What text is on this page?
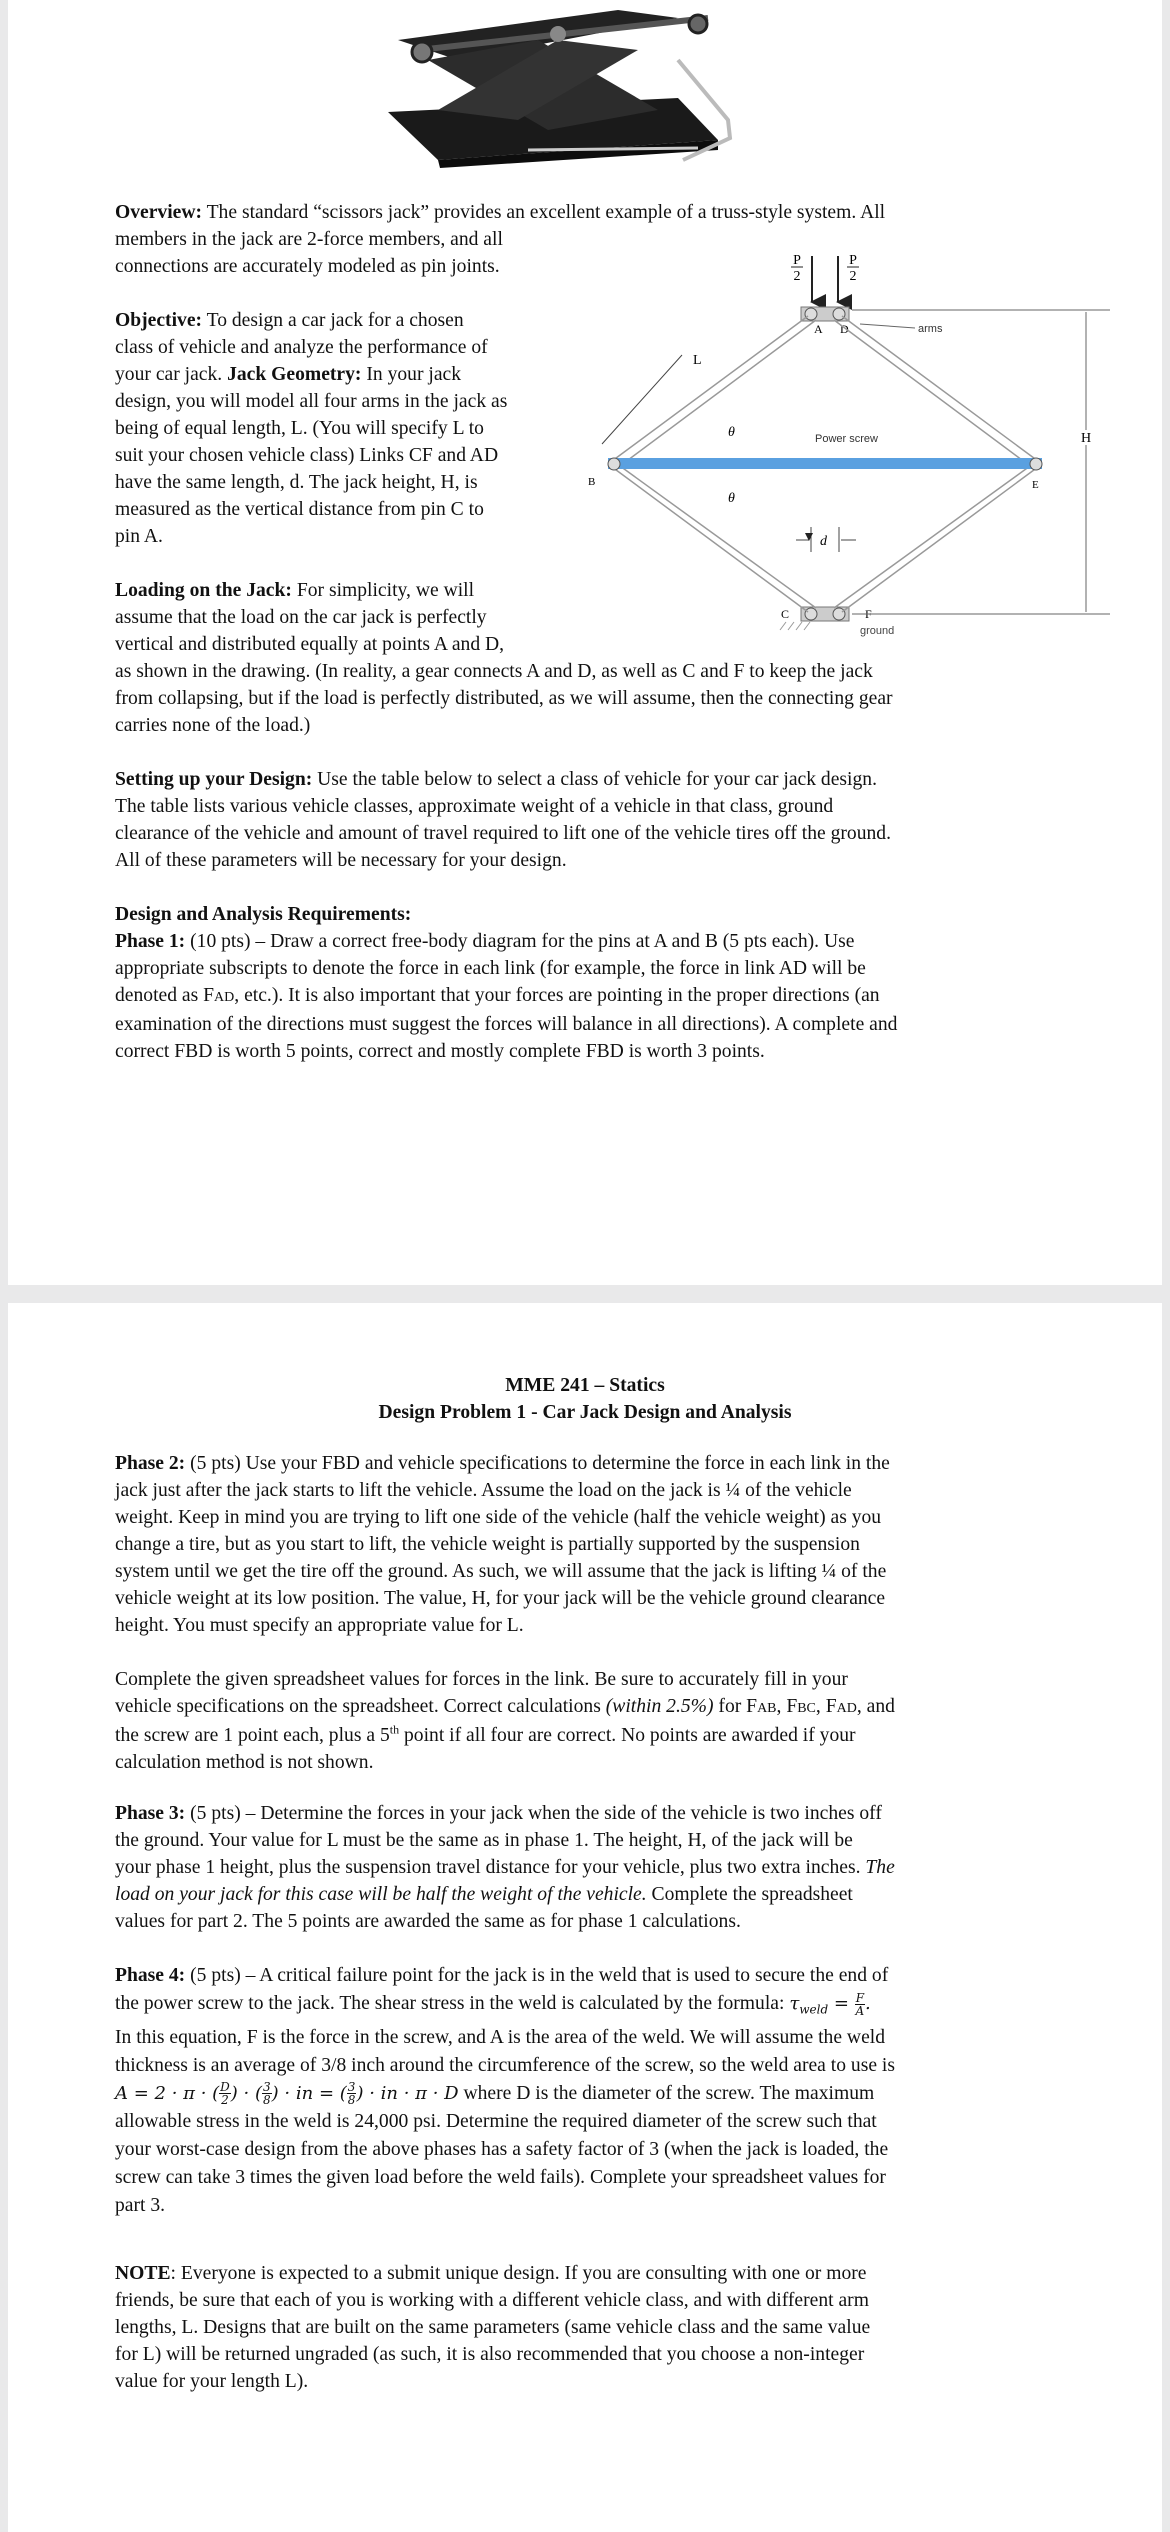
Overview: The standard “scissors jack” provides an excellent example of a truss-style system. All
members in the jack are 2-force members, and all
connections are accurately modeled as pin joints.

Objective: To design a car jack for a chosen
class of vehicle and analyze the performance of
your car jack. Jack Geometry: In your jack
design, you will model all four arms in the jack as
being of equal length, L. (You will specify L to
suit your chosen vehicle class) Links CF and AD
have the same length, d. The jack height, H, is
measured as the vertical distance from pin C to
pin A.

Loading on the Jack: For simplicity, we will
assume that the load on the car jack is perfectly
vertical and distributed equally at points A and D,
as shown in the drawing. (In reality, a gear connects A and D, as well as C and F to keep the jack
from collapsing, but if the load is perfectly distributed, as we will assume, then the connecting gear
carries none of the load.)

Setting up your Design: Use the table below to select a class of vehicle for your car jack design.
The table lists various vehicle classes, approximate weight of a vehicle in that class, ground
clearance of the vehicle and amount of travel required to lift one of the vehicle tires off the ground.
All of these parameters will be necessary for your design.

Design and Analysis Requirements:
Phase 1: (10 pts) – Draw a correct free-body diagram for the pins at A and B (5 pts each). Use
appropriate subscripts to denote the force in each link (for example, the force in link AD will be
denoted as FAD, etc.). It is also important that your forces are pointing in the proper directions (an
examination of the directions must suggest the forces will balance in all directions). A complete and
correct FBD is worth 5 points, correct and mostly complete FBD is worth 3 points.

P
2
P
2
A D
C	F
ground
B	E
Power screw
arms
L
θ
θ
d
H
MME 241 – Statics
Design Problem 1 - Car Jack Design and Analysis

Phase 2: (5 pts) Use your FBD and vehicle specifications to determine the force in each link in the
jack just after the jack starts to lift the vehicle. Assume the load on the jack is ¼ of the vehicle
weight. Keep in mind you are trying to lift one side of the vehicle (half the vehicle weight) as you
change a tire, but as you start to lift, the vehicle weight is partially supported by the suspension
system until we get the tire off the ground. As such, we will assume that the jack is lifting ¼ of the
vehicle weight at its low position. The value, H, for your jack will be the vehicle ground clearance
height. You must specify an appropriate value for L.

Complete the given spreadsheet values for forces in the link. Be sure to accurately fill in your
vehicle specifications on the spreadsheet. Correct calculations (within 2.5%) for FAB, FBC, FAD, and
the screw are 1 point each, plus a 5th point if all four are correct. No points are awarded if your
calculation method is not shown.

Phase 3: (5 pts) – Determine the forces in your jack when the side of the vehicle is two inches off
the ground. Your value for L must be the same as in phase 1. The height, H, of the jack will be
your phase 1 height, plus the suspension travel distance for your vehicle, plus two extra inches. The
load on your jack for this case will be half the weight of the vehicle. Complete the spreadsheet
values for part 2. The 5 points are awarded the same as for phase 1 calculations.

Phase 4: (5 pts) – A critical failure point for the jack is in the weld that is used to secure the end of
the power screw to the jack. The shear stress in the weld is calculated by the formula: $\tau_{weld} = \frac{F}{A}$ .
In this equation, F is the force in the screw, and A is the area of the weld. We will assume the weld
thickness is an average of 3/8 inch around the circumference of the screw, so the weld area to use is
A = 2 · π · ( $\frac{D}{2}$ ) · ( $\frac{3}{8}$ ) · in = ( $\frac{3}{8}$ ) · in · π · D where D is the diameter of the screw. The maximum
allowable stress in the weld is 24,000 psi. Determine the required diameter of the screw such that
your worst-case design from the above phases has a safety factor of 3 (when the jack is loaded, the
screw can take 3 times the given load before the weld fails). Complete your spreadsheet values for
part 3.

NOTE: Everyone is expected to a submit unique design. If you are consulting with one or more
friends, be sure that each of you is working with a different vehicle class, and with different arm
lengths, L. Designs that are built on the same parameters (same vehicle class and the same value
for L) will be returned ungraded (as such, it is also recommended that you choose a non-integer
value for your length L).
